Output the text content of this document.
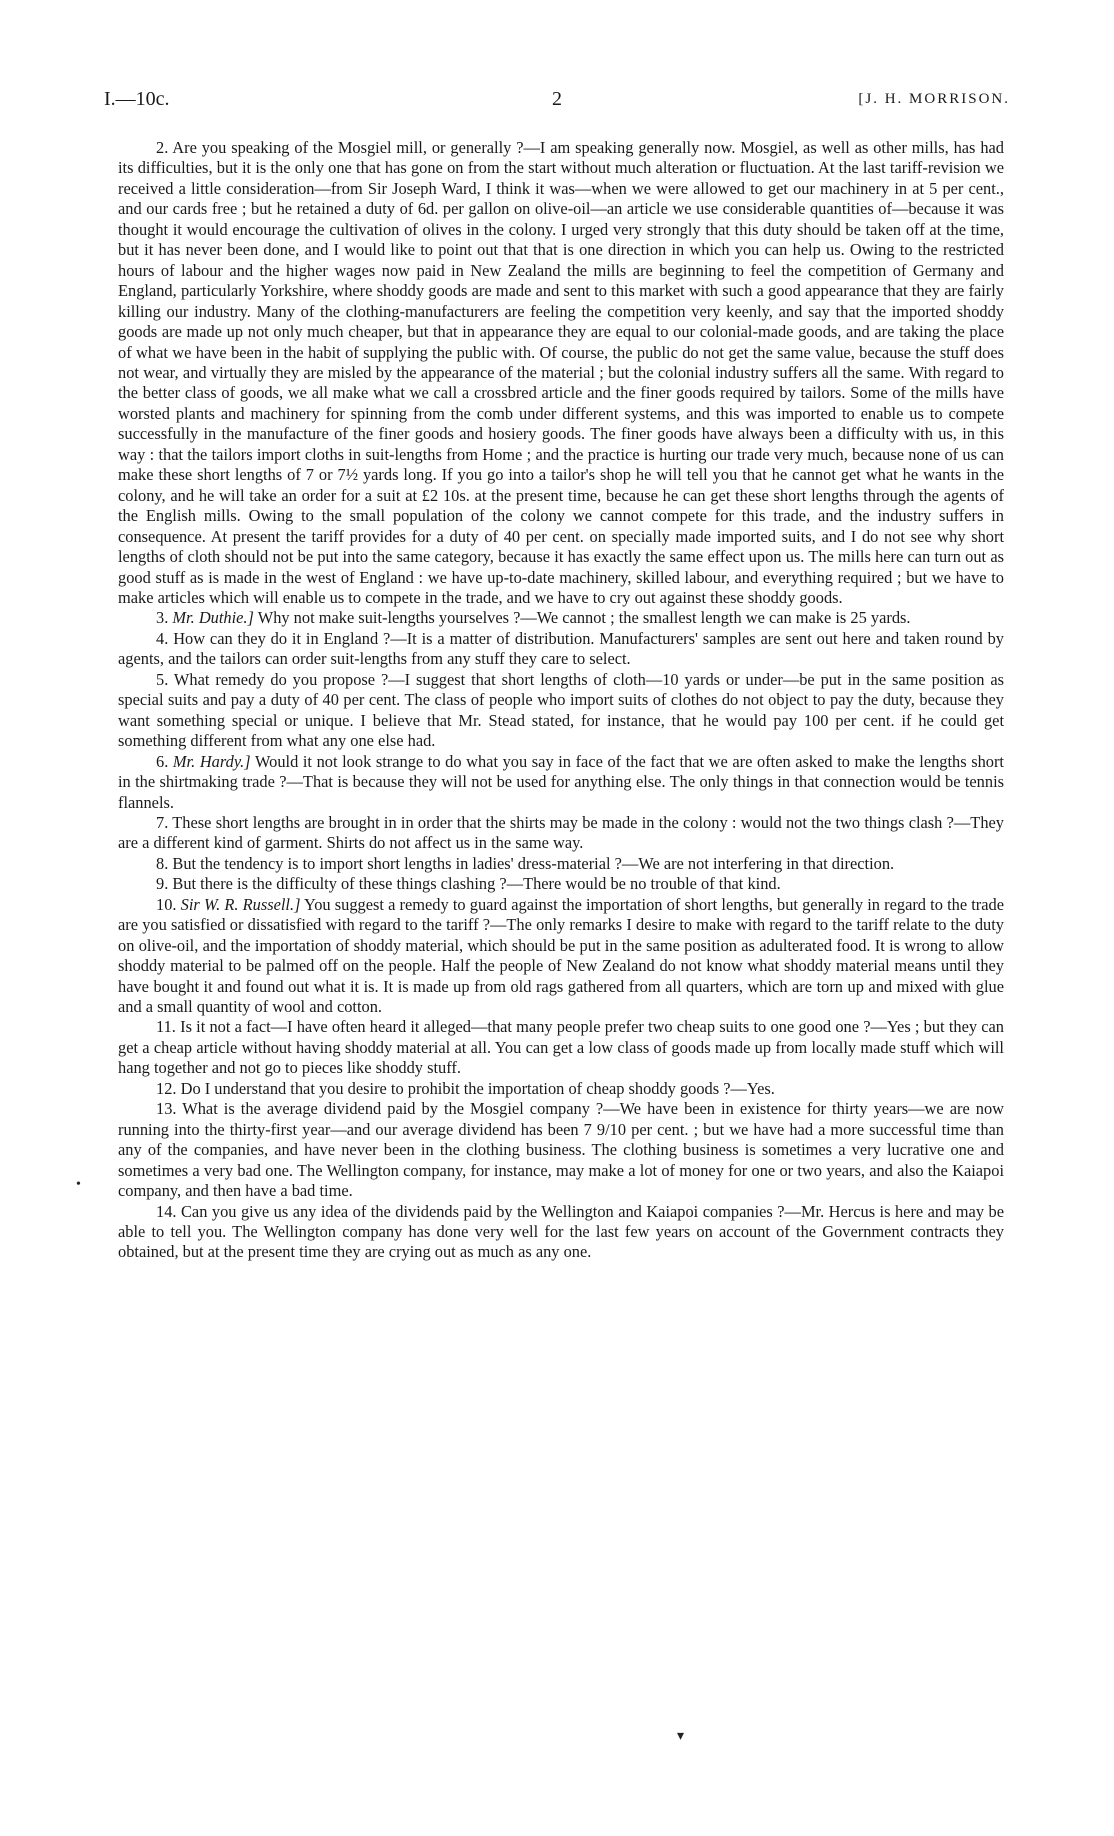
I.—10c.	2	[J. H. MORRISON.

2. Are you speaking of the Mosgiel mill, or generally ?—I am speaking generally now. Mosgiel, as well as other mills, has had its difficulties, but it is the only one that has gone on from the start without much alteration or fluctuation. At the last tariff-revision we received a little consideration—from Sir Joseph Ward, I think it was—when we were allowed to get our machinery in at 5 per cent., and our cards free ; but he retained a duty of 6d. per gallon on olive-oil—an article we use considerable quantities of—because it was thought it would encourage the cultivation of olives in the colony. I urged very strongly that this duty should be taken off at the time, but it has never been done, and I would like to point out that that is one direction in which you can help us. Owing to the restricted hours of labour and the higher wages now paid in New Zealand the mills are beginning to feel the competition of Germany and England, particularly Yorkshire, where shoddy goods are made and sent to this market with such a good appearance that they are fairly killing our industry. Many of the clothing-manufacturers are feeling the competition very keenly, and say that the imported shoddy goods are made up not only much cheaper, but that in appearance they are equal to our colonial-made goods, and are taking the place of what we have been in the habit of supplying the public with. Of course, the public do not get the same value, because the stuff does not wear, and virtually they are misled by the appearance of the material ; but the colonial industry suffers all the same. With regard to the better class of goods, we all make what we call a crossbred article and the finer goods required by tailors. Some of the mills have worsted plants and machinery for spinning from the comb under different systems, and this was imported to enable us to compete successfully in the manufacture of the finer goods and hosiery goods. The finer goods have always been a difficulty with us, in this way : that the tailors import cloths in suit-lengths from Home ; and the practice is hurting our trade very much, because none of us can make these short lengths of 7 or 7½ yards long. If you go into a tailor's shop he will tell you that he cannot get what he wants in the colony, and he will take an order for a suit at £2 10s. at the present time, because he can get these short lengths through the agents of the English mills. Owing to the small population of the colony we cannot compete for this trade, and the industry suffers in consequence. At present the tariff provides for a duty of 40 per cent. on specially made imported suits, and I do not see why short lengths of cloth should not be put into the same category, because it has exactly the same effect upon us. The mills here can turn out as good stuff as is made in the west of England : we have up-to-date machinery, skilled labour, and everything required ; but we have to make articles which will enable us to compete in the trade, and we have to cry out against these shoddy goods.

3. Mr. Duthie.] Why not make suit-lengths yourselves ?—We cannot ; the smallest length we can make is 25 yards.

4. How can they do it in England ?—It is a matter of distribution. Manufacturers' samples are sent out here and taken round by agents, and the tailors can order suit-lengths from any stuff they care to select.

5. What remedy do you propose ?—I suggest that short lengths of cloth—10 yards or under—be put in the same position as special suits and pay a duty of 40 per cent. The class of people who import suits of clothes do not object to pay the duty, because they want something special or unique. I believe that Mr. Stead stated, for instance, that he would pay 100 per cent. if he could get something different from what any one else had.

6. Mr. Hardy.] Would it not look strange to do what you say in face of the fact that we are often asked to make the lengths short in the shirtmaking trade ?—That is because they will not be used for anything else. The only things in that connection would be tennis flannels.

7. These short lengths are brought in in order that the shirts may be made in the colony : would not the two things clash ?—They are a different kind of garment. Shirts do not affect us in the same way.

8. But the tendency is to import short lengths in ladies' dress-material ?—We are not interfering in that direction.

9. But there is the difficulty of these things clashing ?—There would be no trouble of that kind.

10. Sir W. R. Russell.] You suggest a remedy to guard against the importation of short lengths, but generally in regard to the trade are you satisfied or dissatisfied with regard to the tariff ?—The only remarks I desire to make with regard to the tariff relate to the duty on olive-oil, and the importation of shoddy material, which should be put in the same position as adulterated food. It is wrong to allow shoddy material to be palmed off on the people. Half the people of New Zealand do not know what shoddy material means until they have bought it and found out what it is. It is made up from old rags gathered from all quarters, which are torn up and mixed with glue and a small quantity of wool and cotton.

11. Is it not a fact—I have often heard it alleged—that many people prefer two cheap suits to one good one ?—Yes ; but they can get a cheap article without having shoddy material at all. You can get a low class of goods made up from locally made stuff which will hang together and not go to pieces like shoddy stuff.

12. Do I understand that you desire to prohibit the importation of cheap shoddy goods ?—Yes.

13. What is the average dividend paid by the Mosgiel company ?—We have been in existence for thirty years—we are now running into the thirty-first year—and our average dividend has been 7 9/10 per cent. ; but we have had a more successful time than any of the companies, and have never been in the clothing business. The clothing business is sometimes a very lucrative one and sometimes a very bad one. The Wellington company, for instance, may make a lot of money for one or two years, and also the Kaiapoi company, and then have a bad time.

14. Can you give us any idea of the dividends paid by the Wellington and Kaiapoi companies ?—Mr. Hercus is here and may be able to tell you. The Wellington company has done very well for the last few years on account of the Government contracts they obtained, but at the present time they are crying out as much as any one.

•
▾
